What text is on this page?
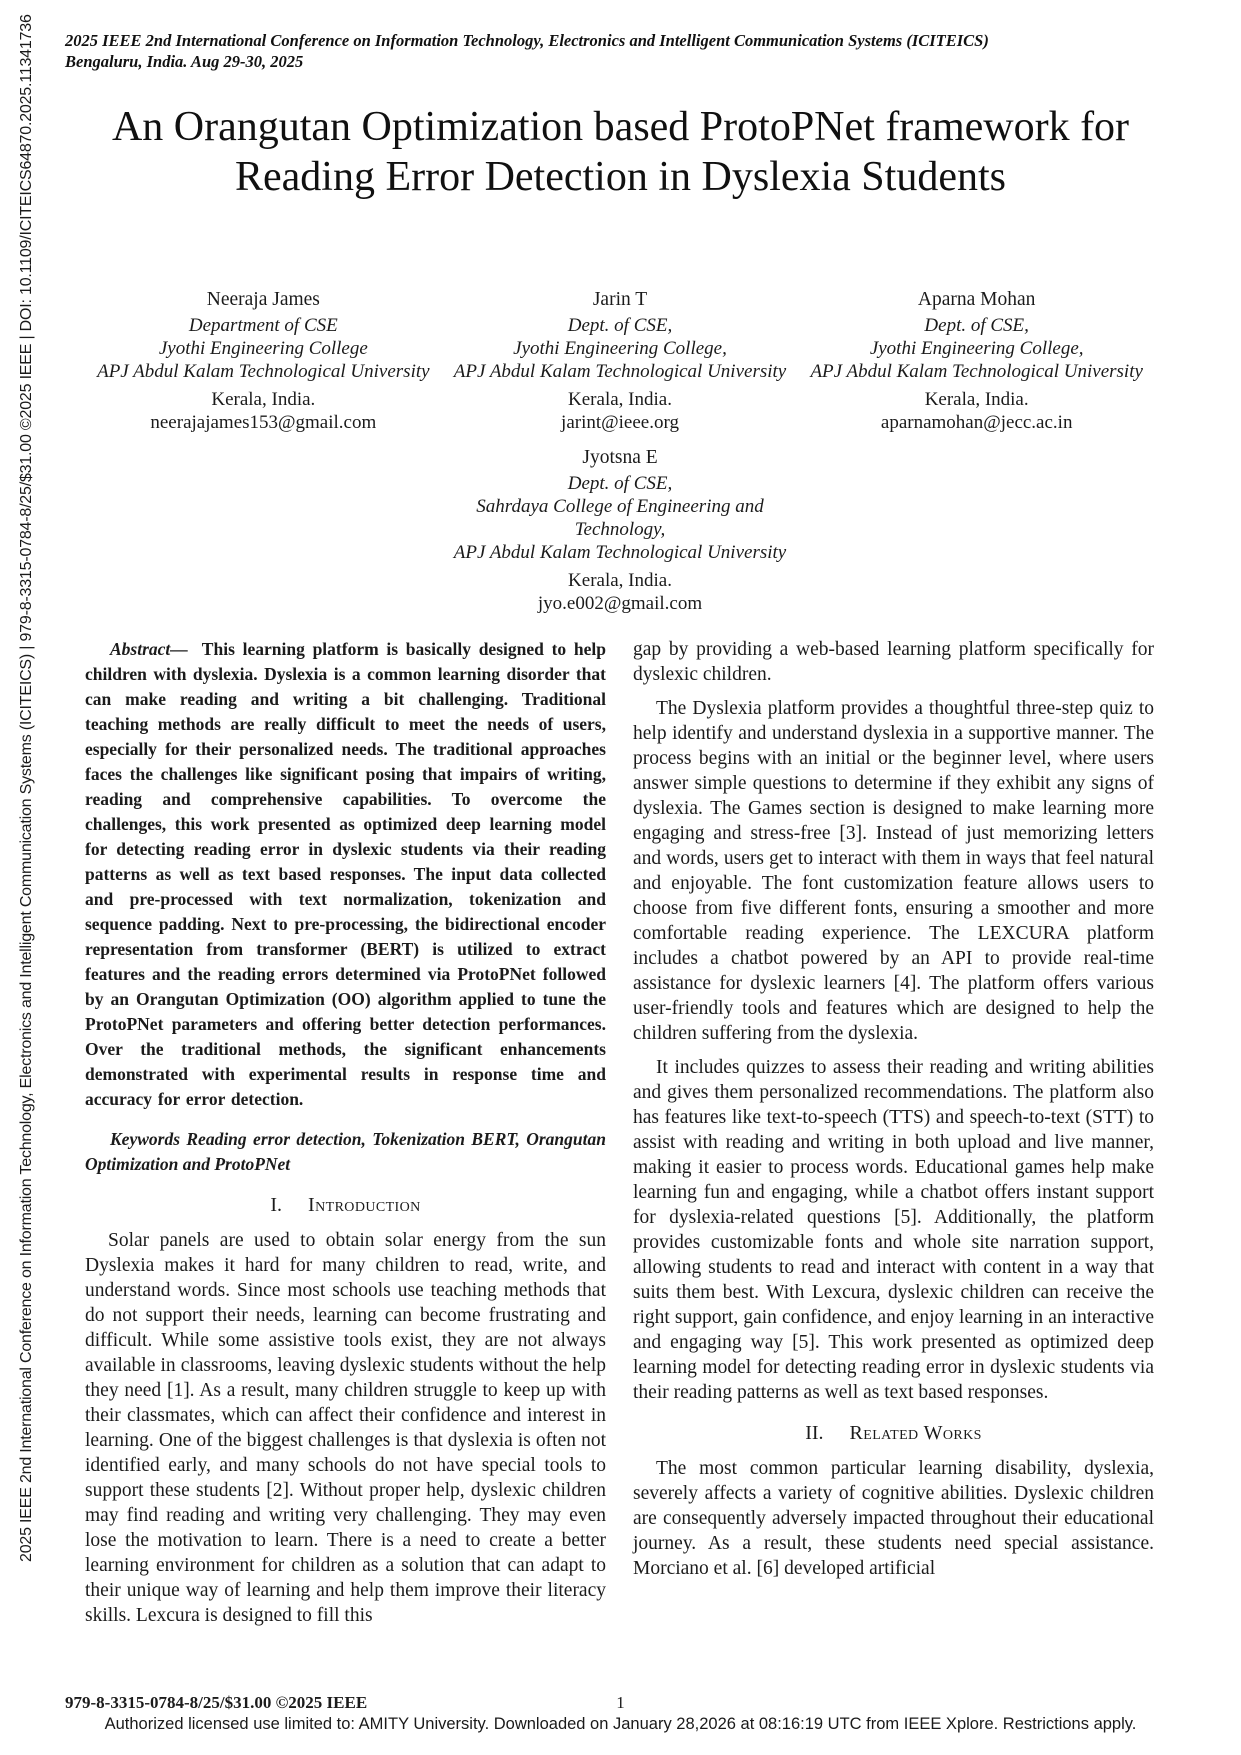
2025 IEEE 2nd International Conference on Information Technology, Electronics and Intelligent Communication Systems (ICITEICS) | 979-8-3315-0784-8/25/$31.00 ©2025 IEEE | DOI: 10.1109/ICITEICS64870.2025.11341736 2025 IEEE 2nd International Conference on Information Technology, Electronics and Intelligent Communication Systems (ICITEICS)
Bengaluru, India. Aug 29-30, 2025
An Orangutan Optimization based ProtoPNet framework for Reading Error Detection in Dyslexia Students
Neeraja James
Department of CSE
Jyothi Engineering College
APJ Abdul Kalam Technological University
Kerala, India.
neerajajames153@gmail.com
Jarin T
Dept. of CSE,
Jyothi Engineering College,
APJ Abdul Kalam Technological University
Kerala, India.
jarint@ieee.org
Jyotsna E
Dept. of CSE,
Sahrdaya College of Engineering and Technology,
APJ Abdul Kalam Technological University
Kerala, India.
jyo.e002@gmail.com
Aparna Mohan
Dept. of CSE,
Jyothi Engineering College,
APJ Abdul Kalam Technological University
Kerala, India.
aparnamohan@jecc.ac.in

Abstract— This learning platform is basically designed to help children with dyslexia. Dyslexia is a common learning disorder that can make reading and writing a bit challenging. Traditional teaching methods are really difficult to meet the needs of users, especially for their personalized needs. The traditional approaches faces the challenges like significant posing that impairs of writing, reading and comprehensive capabilities. To overcome the challenges, this work presented as optimized deep learning model for detecting reading error in dyslexic students via their reading patterns as well as text based responses. The input data collected and pre-processed with text normalization, tokenization and sequence padding. Next to pre-processing, the bidirectional encoder representation from transformer (BERT) is utilized to extract features and the reading errors determined via ProtoPNet followed by an Orangutan Optimization (OO) algorithm applied to tune the ProtoPNet parameters and offering better detection performances. Over the traditional methods, the significant enhancements demonstrated with experimental results in response time and accuracy for error detection.

Keywords Reading error detection, Tokenization BERT, Orangutan Optimization and ProtoPNet

I. Introduction

Solar panels are used to obtain solar energy from the sun Dyslexia makes it hard for many children to read, write, and understand words. Since most schools use teaching methods that do not support their needs, learning can become frustrating and difficult. While some assistive tools exist, they are not always available in classrooms, leaving dyslexic students without the help they need [1]. As a result, many children struggle to keep up with their classmates, which can affect their confidence and interest in learning. One of the biggest challenges is that dyslexia is often not identified early, and many schools do not have special tools to support these students [2]. Without proper help, dyslexic children may find reading and writing very challenging. They may even lose the motivation to learn. There is a need to create a better learning environment for children as a solution that can adapt to their unique way of learning and help them improve their literacy skills. Lexcura is designed to fill this

gap by providing a web-based learning platform specifically for dyslexic children.

The Dyslexia platform provides a thoughtful three-step quiz to help identify and understand dyslexia in a supportive manner. The process begins with an initial or the beginner level, where users answer simple questions to determine if they exhibit any signs of dyslexia. The Games section is designed to make learning more engaging and stress-free [3]. Instead of just memorizing letters and words, users get to interact with them in ways that feel natural and enjoyable. The font customization feature allows users to choose from five different fonts, ensuring a smoother and more comfortable reading experience. The LEXCURA platform includes a chatbot powered by an API to provide real-time assistance for dyslexic learners [4]. The platform offers various user-friendly tools and features which are designed to help the children suffering from the dyslexia.

It includes quizzes to assess their reading and writing abilities and gives them personalized recommendations. The platform also has features like text-to-speech (TTS) and speech-to-text (STT) to assist with reading and writing in both upload and live manner, making it easier to process words. Educational games help make learning fun and engaging, while a chatbot offers instant support for dyslexia-related questions [5]. Additionally, the platform provides customizable fonts and whole site narration support, allowing students to read and interact with content in a way that suits them best. With Lexcura, dyslexic children can receive the right support, gain confidence, and enjoy learning in an interactive and engaging way [5]. This work presented as optimized deep learning model for detecting reading error in dyslexic students via their reading patterns as well as text based responses.

II. Related Works

The most common particular learning disability, dyslexia, severely affects a variety of cognitive abilities. Dyslexic children are consequently adversely impacted throughout their educational journey. As a result, these students need special assistance. Morciano et al. [6] developed artificial

979-8-3315-0784-8/25/$31.00 ©2025 IEEE	1
Authorized licensed use limited to: AMITY University. Downloaded on January 28,2026 at 08:16:19 UTC from IEEE Xplore. Restrictions apply.
